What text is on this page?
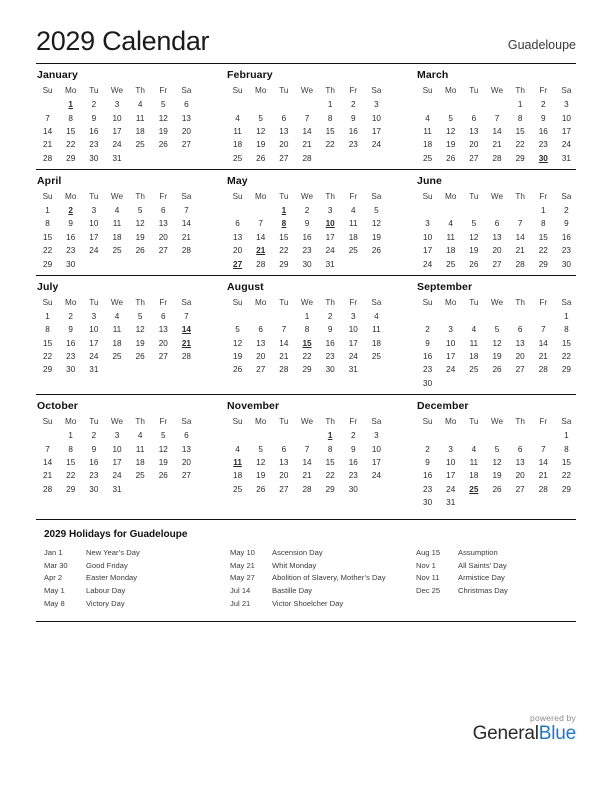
2029 Calendar	Guadeloupe
January
Su	Mo	Tu	We	Th	Fr	Sa
	1	2	3	4	5	6
7	8	9	10	11	12	13
14	15	16	17	18	19	20
21	22	23	24	25	26	27
28	29	30	31			
February
Su	Mo	Tu	We	Th	Fr	Sa
				1	2	3
4	5	6	7	8	9	10
11	12	13	14	15	16	17
18	19	20	21	22	23	24
25	26	27	28			
March
Su	Mo	Tu	We	Th	Fr	Sa
				1	2	3
4	5	6	7	8	9	10
11	12	13	14	15	16	17
18	19	20	21	22	23	24
25	26	27	28	29	30	31
April
Su	Mo	Tu	We	Th	Fr	Sa
1	2	3	4	5	6	7
8	9	10	11	12	13	14
15	16	17	18	19	20	21
22	23	24	25	26	27	28
29	30					
May
Su	Mo	Tu	We	Th	Fr	Sa
		1	2	3	4	5
6	7	8	9	10	11	12
13	14	15	16	17	18	19
20	21	22	23	24	25	26
27	28	29	30	31		
June
Su	Mo	Tu	We	Th	Fr	Sa
					1	2
3	4	5	6	7	8	9
10	11	12	13	14	15	16
17	18	19	20	21	22	23
24	25	26	27	28	29	30
July
Su	Mo	Tu	We	Th	Fr	Sa
1	2	3	4	5	6	7
8	9	10	11	12	13	14
15	16	17	18	19	20	21
22	23	24	25	26	27	28
29	30	31				
August
Su	Mo	Tu	We	Th	Fr	Sa
			1	2	3	4
5	6	7	8	9	10	11
12	13	14	15	16	17	18
19	20	21	22	23	24	25
26	27	28	29	30	31	
September
Su	Mo	Tu	We	Th	Fr	Sa
						1
2	3	4	5	6	7	8
9	10	11	12	13	14	15
16	17	18	19	20	21	22
23	24	25	26	27	28	29
30						
October
Su	Mo	Tu	We	Th	Fr	Sa
	1	2	3	4	5	6
7	8	9	10	11	12	13
14	15	16	17	18	19	20
21	22	23	24	25	26	27
28	29	30	31			
November
Su	Mo	Tu	We	Th	Fr	Sa
				1	2	3
4	5	6	7	8	9	10
11	12	13	14	15	16	17
18	19	20	21	22	23	24
25	26	27	28	29	30	
December
Su	Mo	Tu	We	Th	Fr	Sa
						1
2	3	4	5	6	7	8
9	10	11	12	13	14	15
16	17	18	19	20	21	22
23	24	25	26	27	28	29
30	31					
2029 Holidays for Guadeloupe
Jan 1	New Year’s Day
Mar 30	Good Friday
Apr 2	Easter Monday
May 1	Labour Day
May 8	Victory Day
May 10	Ascension Day
May 21	Whit Monday
May 27	Abolition of Slavery, Mother’s Day
Jul 14	Bastille Day
Jul 21	Victor Shoelcher Day
Aug 15	Assumption
Nov 1	All Saints’ Day
Nov 11	Armistice Day
Dec 25	Christmas Day
powered by
GeneralBlue
